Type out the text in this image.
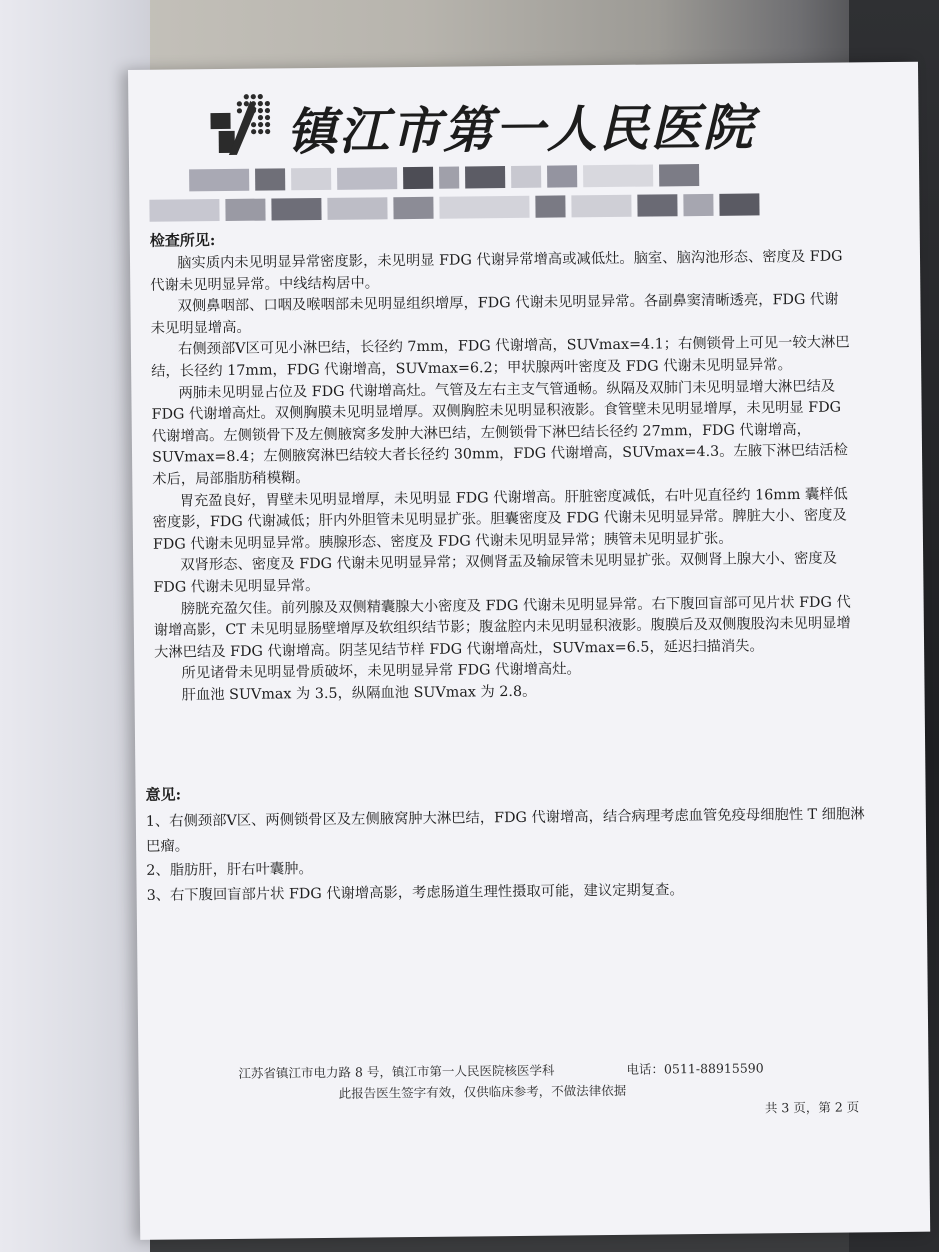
镇江市第一人民医院
检查所见:

脑实质内未见明显异常密度影，未见明显 FDG 代谢异常增高或减低灶。脑室、脑沟池形态、密度及 FDG 代谢未见明显异常。中线结构居中。

双侧鼻咽部、口咽及喉咽部未见明显组织增厚，FDG 代谢未见明显异常。各副鼻窦清晰透亮，FDG 代谢未见明显增高。

右侧颈部Ⅴ区可见小淋巴结，长径约 7mm，FDG 代谢增高，SUVmax=4.1；右侧锁骨上可见一较大淋巴结，长径约 17mm，FDG 代谢增高，SUVmax=6.2；甲状腺两叶密度及 FDG 代谢未见明显异常。

两肺未见明显占位及 FDG 代谢增高灶。气管及左右主支气管通畅。纵隔及双肺门未见明显增大淋巴结及 FDG 代谢增高灶。双侧胸膜未见明显增厚。双侧胸腔未见明显积液影。食管壁未见明显增厚，未见明显 FDG 代谢增高。左侧锁骨下及左侧腋窝多发肿大淋巴结，左侧锁骨下淋巴结长径约 27mm，FDG 代谢增高，SUVmax=8.4；左侧腋窝淋巴结较大者长径约 30mm，FDG 代谢增高，SUVmax=4.3。左腋下淋巴结活检术后，局部脂肪稍模糊。

胃充盈良好，胃壁未见明显增厚，未见明显 FDG 代谢增高。肝脏密度减低，右叶见直径约 16mm 囊样低密度影，FDG 代谢减低；肝内外胆管未见明显扩张。胆囊密度及 FDG 代谢未见明显异常。脾脏大小、密度及 FDG 代谢未见明显异常。胰腺形态、密度及 FDG 代谢未见明显异常；胰管未见明显扩张。

双肾形态、密度及 FDG 代谢未见明显异常；双侧肾盂及输尿管未见明显扩张。双侧肾上腺大小、密度及 FDG 代谢未见明显异常。

膀胱充盈欠佳。前列腺及双侧精囊腺大小密度及 FDG 代谢未见明显异常。右下腹回盲部可见片状 FDG 代谢增高影，CT 未见明显肠壁增厚及软组织结节影；腹盆腔内未见明显积液影。腹膜后及双侧腹股沟未见明显增大淋巴结及 FDG 代谢增高。阴茎见结节样 FDG 代谢增高灶，SUVmax=6.5，延迟扫描消失。

所见诸骨未见明显骨质破坏，未见明显异常 FDG 代谢增高灶。

肝血池 SUVmax 为 3.5，纵隔血池 SUVmax 为 2.8。

意见:

1、右侧颈部Ⅴ区、两侧锁骨区及左侧腋窝肿大淋巴结，FDG 代谢增高，结合病理考虑血管免疫母细胞性 T 细胞淋巴瘤。

2、脂肪肝，肝右叶囊肿。

3、右下腹回盲部片状 FDG 代谢增高影，考虑肠道生理性摄取可能，建议定期复查。

江苏省镇江市电力路 8 号，镇江市第一人民医院核医学科	电话：0511-88915590
此报告医生签字有效，仅供临床参考，不做法律依据
共 3 页，第 2 页
